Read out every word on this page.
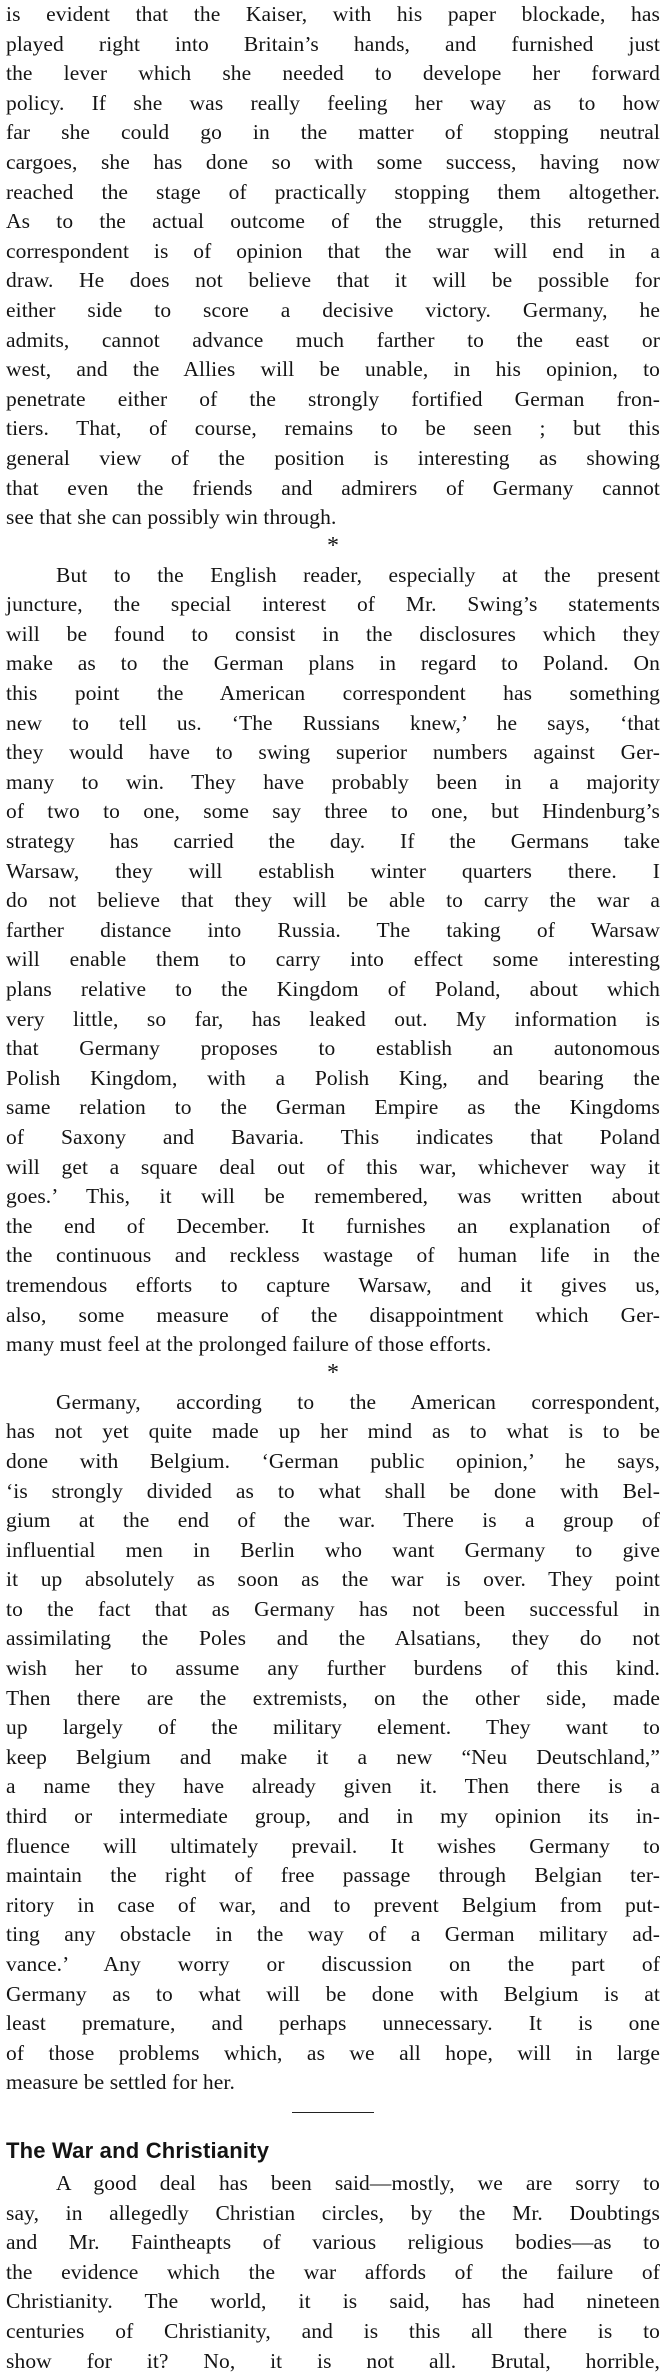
is evident that the Kaiser, with his paper blockade, has
played right into Britain’s hands, and furnished just
the lever which she needed to develope her forward
policy. If she was really feeling her way as to how
far she could go in the matter of stopping neutral
cargoes, she has done so with some success, having now
reached the stage of practically stopping them altogether.
As to the actual outcome of the struggle, this returned
correspondent is of opinion that the war will end in a
draw. He does not believe that it will be possible for
either side to score a decisive victory. Germany, he
admits, cannot advance much farther to the east or
west, and the Allies will be unable, in his opinion, to
penetrate either of the strongly fortified German fron-
tiers. That, of course, remains to be seen ; but this
general view of the position is interesting as showing
that even the friends and admirers of Germany cannot
see that she can possibly win through.
*
But to the English reader, especially at the present
juncture, the special interest of Mr. Swing’s statements
will be found to consist in the disclosures which they
make as to the German plans in regard to Poland. On
this point the American correspondent has something
new to tell us. ‘The Russians knew,’ he says, ‘that
they would have to swing superior numbers against Ger-
many to win. They have probably been in a majority
of two to one, some say three to one, but Hindenburg’s
strategy has carried the day. If the Germans take
Warsaw, they will establish winter quarters there. I
do not believe that they will be able to carry the war a
farther distance into Russia. The taking of Warsaw
will enable them to carry into effect some interesting
plans relative to the Kingdom of Poland, about which
very little, so far, has leaked out. My information is
that Germany proposes to establish an autonomous
Polish Kingdom, with a Polish King, and bearing the
same relation to the German Empire as the Kingdoms
of Saxony and Bavaria. This indicates that Poland
will get a square deal out of this war, whichever way it
goes.’ This, it will be remembered, was written about
the end of December. It furnishes an explanation of
the continuous and reckless wastage of human life in the
tremendous efforts to capture Warsaw, and it gives us,
also, some measure of the disappointment which Ger-
many must feel at the prolonged failure of those efforts.
*
Germany, according to the American correspondent,
has not yet quite made up her mind as to what is to be
done with Belgium. ‘German public opinion,’ he says,
‘is strongly divided as to what shall be done with Bel-
gium at the end of the war. There is a group of
influential men in Berlin who want Germany to give
it up absolutely as soon as the war is over. They point
to the fact that as Germany has not been successful in
assimilating the Poles and the Alsatians, they do not
wish her to assume any further burdens of this kind.
Then there are the extremists, on the other side, made
up largely of the military element. They want to
keep Belgium and make it a new “Neu Deutschland,”
a name they have already given it. Then there is a
third or intermediate group, and in my opinion its in-
fluence will ultimately prevail. It wishes Germany to
maintain the right of free passage through Belgian ter-
ritory in case of war, and to prevent Belgium from put-
ting any obstacle in the way of a German military ad-
vance.’ Any worry or discussion on the part of
Germany as to what will be done with Belgium is at
least premature, and perhaps unnecessary. It is one
of those problems which, as we all hope, will in large
measure be settled for her.
The War and Christianity
A good deal has been said—mostly, we are sorry to
say, in allegedly Christian circles, by the Mr. Doubtings
and Mr. Faintheарts of various religious bodies—as to
the evidence which the war affords of the failure of
Christianity. The world, it is said, has had nineteen
centuries of Christianity, and is this all there is to
show for it? No, it is not all. Brutal, horrible,
